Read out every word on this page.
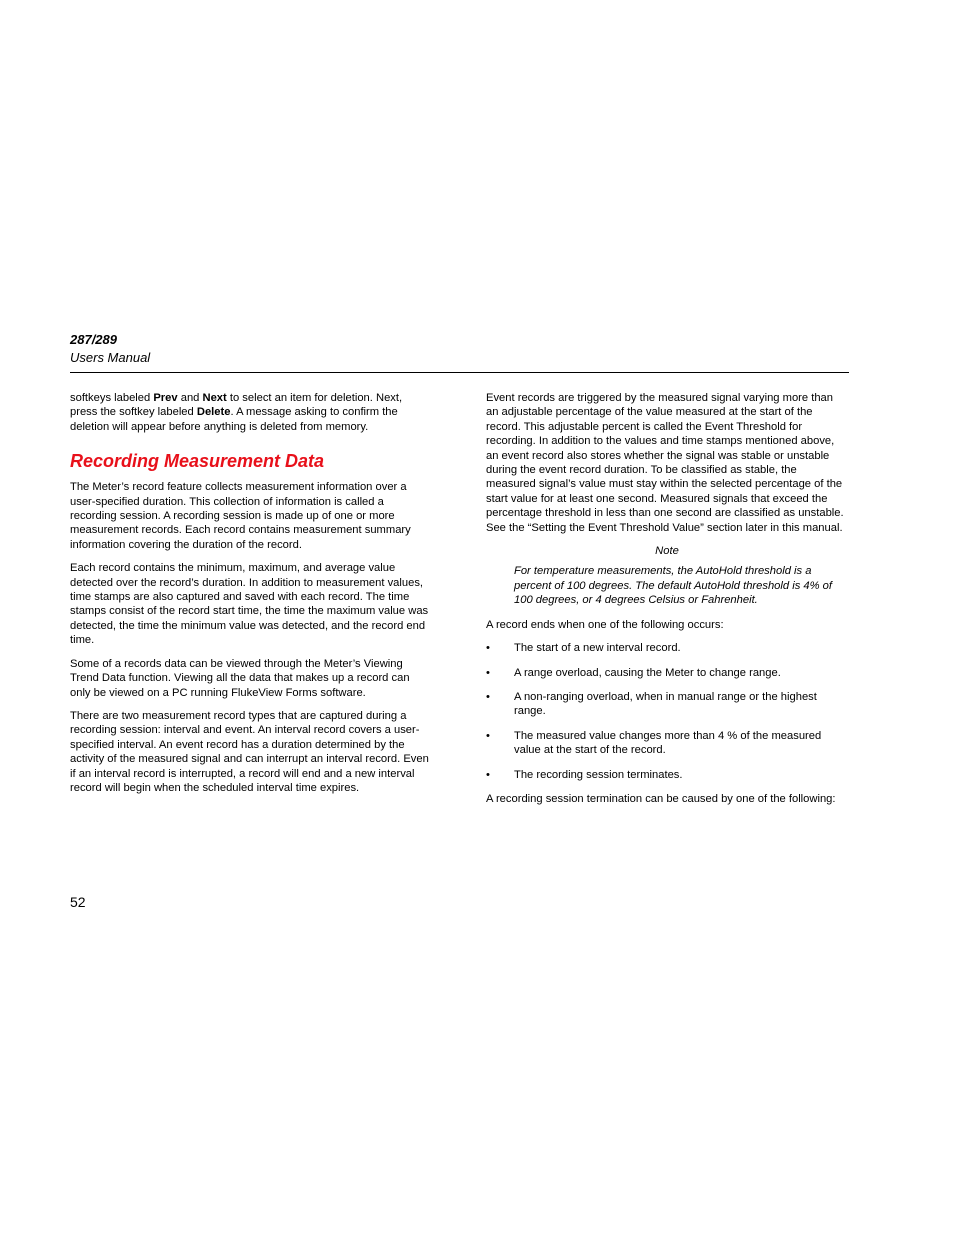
287/289
Users Manual

softkeys labeled Prev and Next to select an item for deletion. Next, press the softkey labeled Delete. A message asking to confirm the deletion will appear before anything is deleted from memory.

Recording Measurement Data

The Meter’s record feature collects measurement information over a user-specified duration. This collection of information is called a recording session. A recording session is made up of one or more measurement records. Each record contains measurement summary information covering the duration of the record.

Each record contains the minimum, maximum, and average value detected over the record’s duration. In addition to measurement values, time stamps are also captured and saved with each record. The time stamps consist of the record start time, the time the maximum value was detected, the time the minimum value was detected, and the record end time.

Some of a records data can be viewed through the Meter’s Viewing Trend Data function. Viewing all the data that makes up a record can only be viewed on a PC running FlukeView Forms software.

There are two measurement record types that are captured during a recording session: interval and event. An interval record covers a user-specified interval. An event record has a duration determined by the activity of the measured signal and can interrupt an interval record. Even if an interval record is interrupted, a record will end and a new interval record will begin when the scheduled interval time expires.

Event records are triggered by the measured signal varying more than an adjustable percentage of the value measured at the start of the record. This adjustable percent is called the Event Threshold for recording. In addition to the values and time stamps mentioned above, an event record also stores whether the signal was stable or unstable during the event record duration. To be classified as stable, the measured signal’s value must stay within the selected percentage of the start value for at least one second. Measured signals that exceed the percentage threshold in less than one second are classified as unstable. See the “Setting the Event Threshold Value” section later in this manual.

Note
For temperature measurements, the AutoHold threshold is a percent of 100 degrees. The default AutoHold threshold is 4% of 100 degrees, or 4 degrees Celsius or Fahrenheit.

A record ends when one of the following occurs:

• The start of a new interval record.
• A range overload, causing the Meter to change range.
• A non-ranging overload, when in manual range or the highest range.
• The measured value changes more than 4 % of the measured value at the start of the record.
• The recording session terminates.

A recording session termination can be caused by one of the following:

52
